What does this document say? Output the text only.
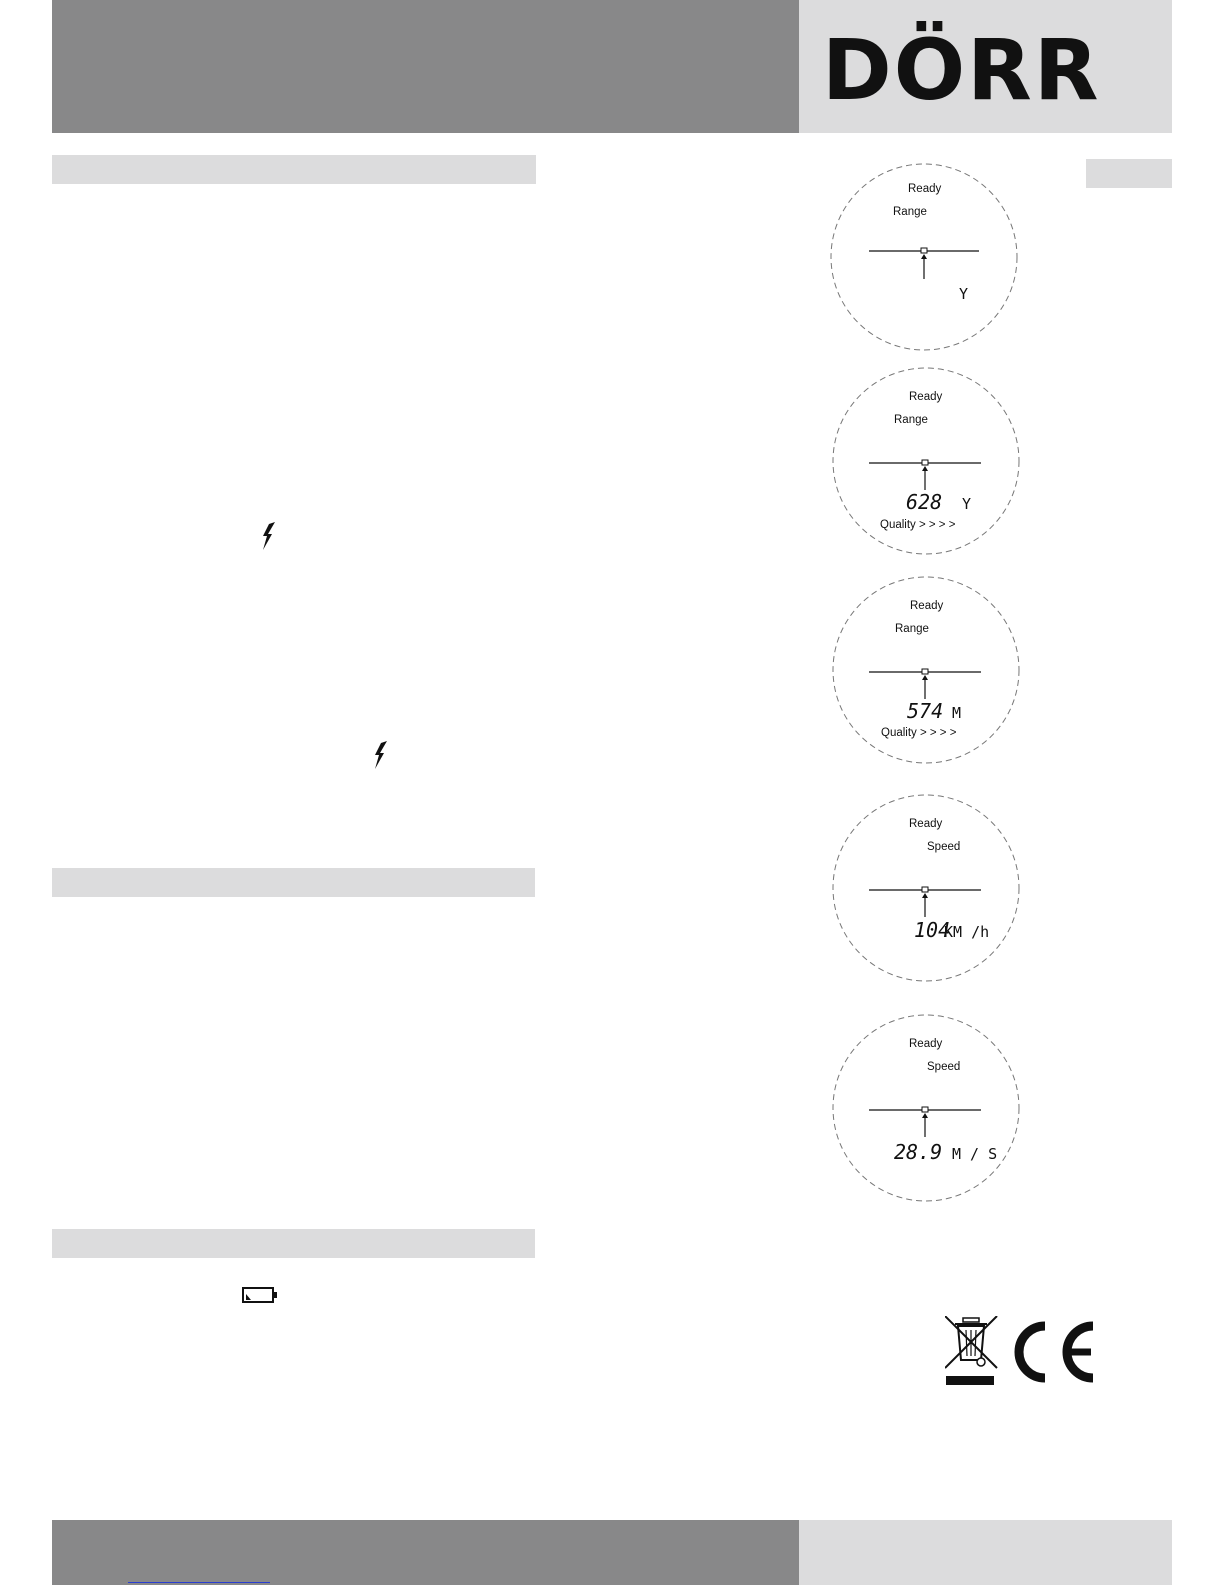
DÖRR
Ready
Range
Y
Ready
Range
628 Y
Quality > > > >
Ready
Range
574 M
Quality > > > >
Ready
Speed
104
KM /h
Ready
Speed
28.9 M / S
